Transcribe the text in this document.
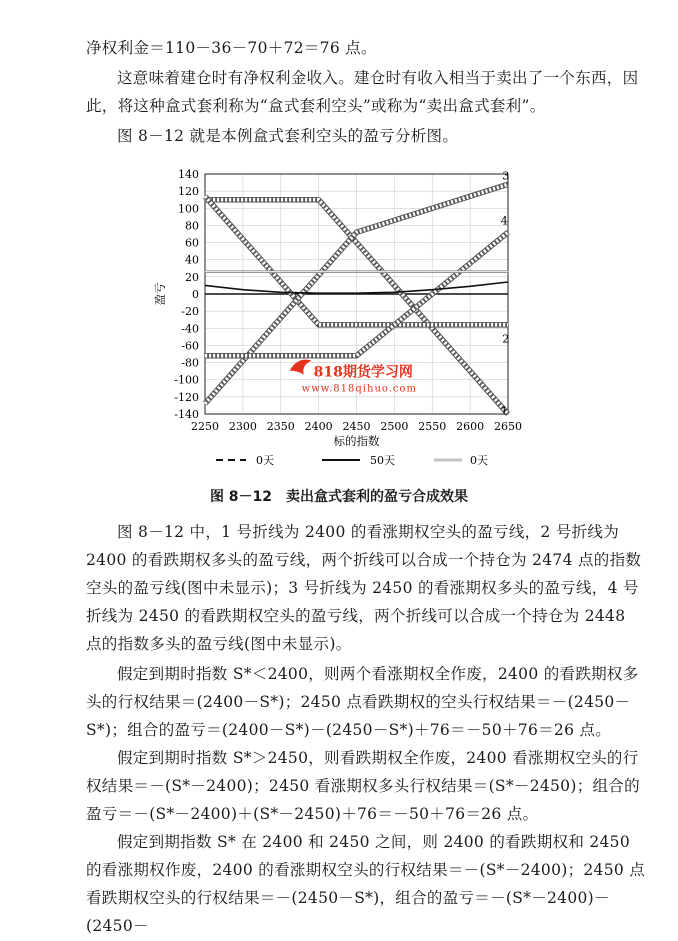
净权利金＝110－36－70＋72＝76 点。

这意味着建仓时有净权利金收入。建仓时有收入相当于卖出了一个东西，因此，将这种盒式套利称为“盒式套利空头”或称为“卖出盒式套利”。

图 8－12 就是本例盒式套利空头的盈亏分析图。

-140
-120
-100
-80
-60
-40
-20
0
20
40
60
80
100
120
140
2250 2300 2350 2400 2450 2500 2550 2600 2650
标的指数
盈亏
1
2
3
4
818期货学习网
www.818qihuo.com
0天	50天	0天
图 8－12　卖出盒式套利的盈亏合成效果

图 8－12 中，1 号折线为 2400 的看涨期权空头的盈亏线，2 号折线为 2400 的看跌期权多头的盈亏线，两个折线可以合成一个持仓为 2474 点的指数空头的盈亏线(图中未显示)；3 号折线为 2450 的看涨期权多头的盈亏线，4 号折线为 2450 的看跌期权空头的盈亏线，两个折线可以合成一个持仓为 2448 点的指数多头的盈亏线(图中未显示)。

假定到期时指数 S*＜2400，则两个看涨期权全作废，2400 的看跌期权多头的行权结果＝(2400－S*)；2450 点看跌期权的空头行权结果＝－(2450－S*)；组合的盈亏＝(2400－S*)－(2450－S*)＋76＝－50＋76＝26 点。

假定到期时指数 S*＞2450，则看跌期权全作废，2400 看涨期权空头的行权结果＝－(S*－2400)；2450 看涨期权多头行权结果＝(S*－2450)；组合的盈亏＝－(S*－2400)＋(S*－2450)＋76＝－50＋76＝26 点。

假定到期指数 S* 在 2400 和 2450 之间，则 2400 的看跌期权和 2450 的看涨期权作废，2400 的看涨期权空头的行权结果＝－(S*－2400)；2450 点看跌期权空头的行权结果＝－(2450－S*)，组合的盈亏＝－(S*－2400)－(2450－
